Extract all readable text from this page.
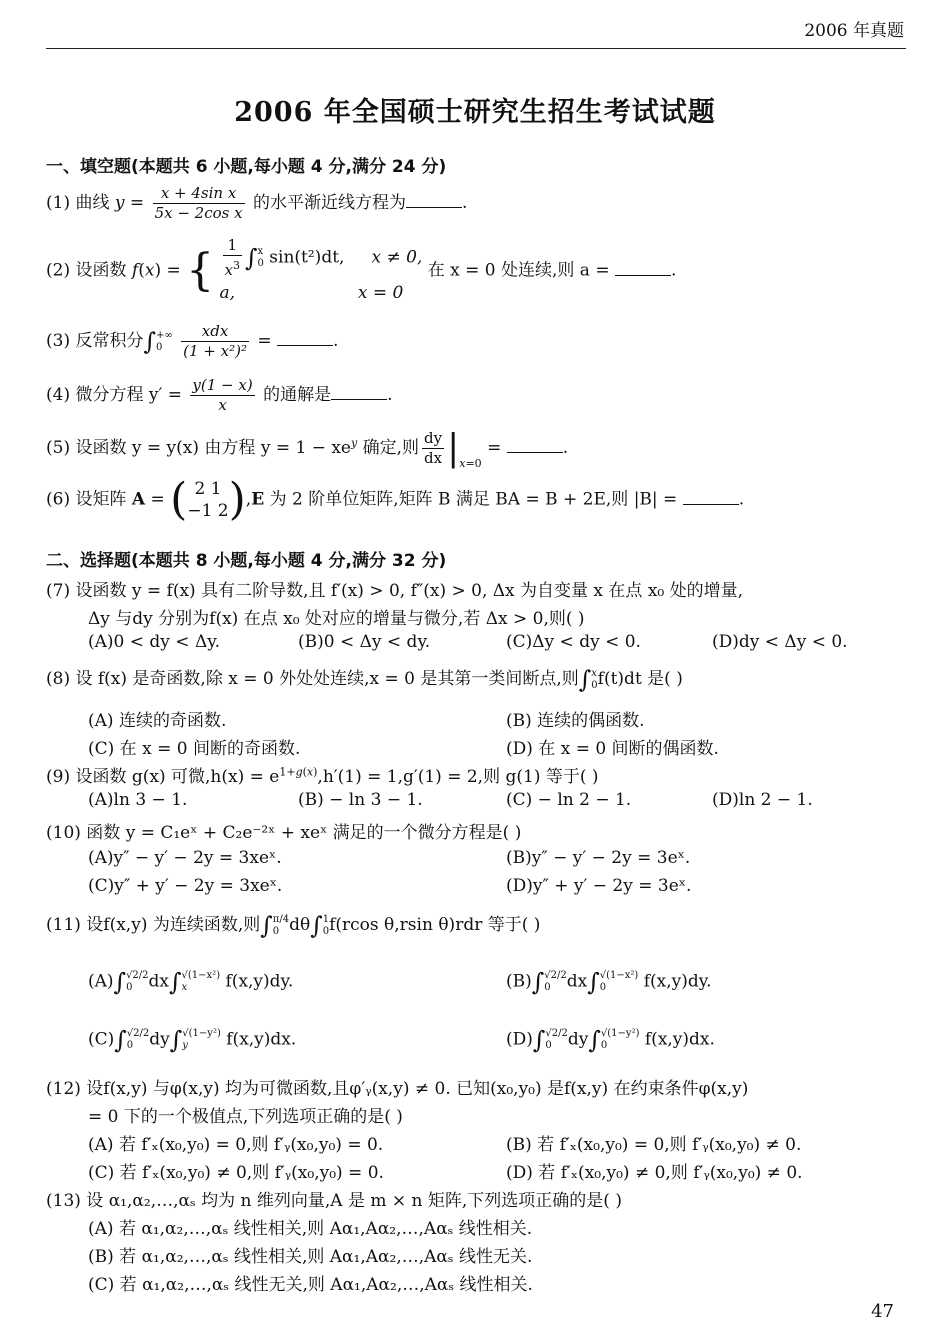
2006 年真题
2006 年全国硕士研究生招生考试试题
一、填空题(本题共 6 小题,每小题 4 分,满分 24 分)
(1) 曲线 $y = \frac{\text{x + 4sin x}}{\text{5x − 2cos x}}$ 的水平渐近线方程为	.
(2) 设函数 f(x) = { $\frac{1}{x^3} \int x$
0 sin(t²)dt, x ≠ 0,
a,	x = 0
在 x = 0 处连续,则 a =	.
(3) 反常积分∫+∞
$0 \frac{\text{xdx}}{\text{(1 + x²)²}}$ =	.
(4) 微分方程 $y' = \frac{y(1 - x)}{x}$ 的通解是	.
(5) 设函数 y = y(x) 由方程 $y = 1 - xe^y$ 确定,则 $\frac{dy}{dx} |_{x=0}$ =	.
(6) 设矩阵 A = ( 2 1
−1 2 ),E 为 2 阶单位矩阵,矩阵 B 满足 BA = B + 2E,则 |B| =	.
二、选择题(本题共 8 小题,每小题 4 分,满分 32 分)
(7) 设函数 y = f(x) 具有二阶导数,且 f′(x) > 0, f″(x) > 0, Δx 为自变量 x 在点 x₀ 处的增量,
Δy 与dy 分别为f(x) 在点 x₀ 处对应的增量与微分,若 Δx > 0,则( )
(A)0 < dy < Δy.	(B)0 < Δy < dy.	(C)Δy < dy < 0.	(D)dy < Δy < 0.
(8) 设 f(x) 是奇函数,除 x = 0 外处处连续,x = 0 是其第一类间断点,则∫x
0f(t)dt 是( )
(A) 连续的奇函数.	(B) 连续的偶函数.
(C) 在 x = 0 间断的奇函数.	(D) 在 x = 0 间断的偶函数.
(9) 设函数 g(x) 可微$,h(x) = e^{1+g(x)},h'(1) = 1,g'(1) = 2$,则 g(1) 等于( )
(A)ln 3 − 1.	(B) − ln 3 − 1.	(C) − ln 2 − 1.	(D)ln 2 − 1.
(10) 函数 y = C₁eˣ + C₂e⁻²ˣ + xeˣ 满足的一个微分方程是( )
(A)y″ − y′ − 2y = 3xeˣ.	(B)y″ − y′ − 2y = 3eˣ.
(C)y″ + y′ − 2y = 3xeˣ.	(D)y″ + y′ − 2y = 3eˣ.
(11) 设f(x,y) 为连续函数,则∫π/4
0 dθ∫1
0f(rcos θ,rsin θ)rdr 等于( )
(A)∫√2/2
0 dx∫√(1−x²)
x f(x,y)dy.	(B)∫√2/2
0 dx∫√(1−x²)
0 f(x,y)dy.
(C)∫√2/2
0 dy∫√(1−y²)
y f(x,y)dx.	(D)∫√2/2
0 dy∫√(1−y²)
0 f(x,y)dx.
(12) 设f(x,y) 与φ(x,y) 均为可微函数,且φ′ᵧ(x,y) ≠ 0. 已知(x₀,y₀) 是f(x,y) 在约束条件φ(x,y)
= 0 下的一个极值点,下列选项正确的是( )
(A) 若 f′ₓ(x₀,y₀) = 0,则 f′ᵧ(x₀,y₀) = 0.	(B) 若 f′ₓ(x₀,y₀) = 0,则 f′ᵧ(x₀,y₀) ≠ 0.
(C) 若 f′ₓ(x₀,y₀) ≠ 0,则 f′ᵧ(x₀,y₀) = 0.	(D) 若 f′ₓ(x₀,y₀) ≠ 0,则 f′ᵧ(x₀,y₀) ≠ 0.
(13) 设 α₁,α₂,…,αₛ 均为 n 维列向量,A 是 m × n 矩阵,下列选项正确的是( )
(A) 若 α₁,α₂,…,αₛ 线性相关,则 Aα₁,Aα₂,…,Aαₛ 线性相关.
(B) 若 α₁,α₂,…,αₛ 线性相关,则 Aα₁,Aα₂,…,Aαₛ 线性无关.
(C) 若 α₁,α₂,…,αₛ 线性无关,则 Aα₁,Aα₂,…,Aαₛ 线性相关.
47
